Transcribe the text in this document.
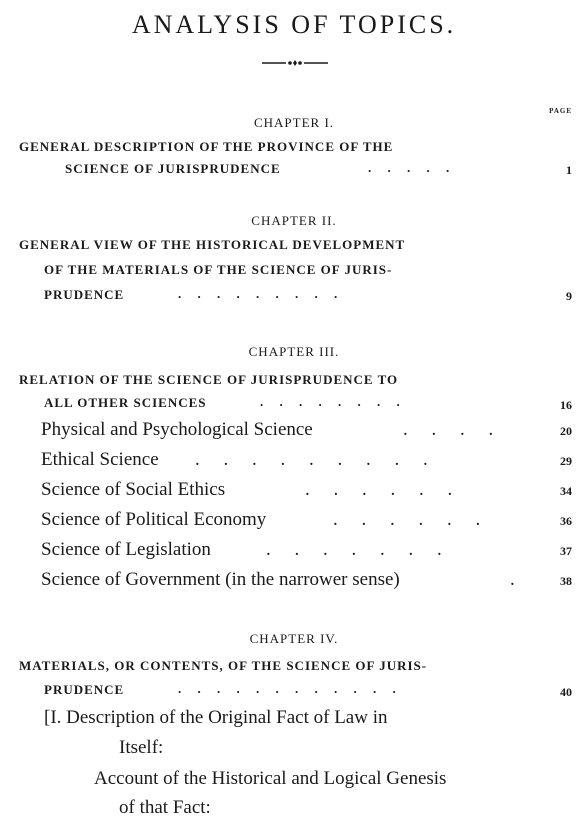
ANALYSIS OF TOPICS.
PAGE
CHAPTER I.
GENERAL DESCRIPTION OF THE PROVINCE OF THE
SCIENCE OF JURISPRUDENCE	.     .     .     .     .	1
CHAPTER II.
GENERAL VIEW OF THE HISTORICAL DEVELOPMENT
OF THE MATERIALS OF THE SCIENCE OF JURIS-
PRUDENCE	.     .     .     .     .     .     .     .     .	9
CHAPTER III.
RELATION OF THE SCIENCE OF JURISPRUDENCE TO
ALL OTHER SCIENCES	.     .     .     .     .     .     .     .	16
Physical and Psychological Science	.     .     .     .	20
Ethical Science .     .     .     .     .     .     .     .     .	29
Science of Social Ethics	.     .     .     .     .     .	34
Science of Political Economy	.     .     .     .     .     .	36
Science of Legislation	.     .     .     .     .     .     .	37
Science of Government (in the narrower sense)	.	38
CHAPTER IV.
MATERIALS, OR CONTENTS, OF THE SCIENCE OF JURIS-
PRUDENCE	.     .     .     .     .     .     .     .     .     .     .     .	40
[I. Description of the Original Fact of Law in
Itself:
Account of the Historical and Logical Genesis
of that Fact:
